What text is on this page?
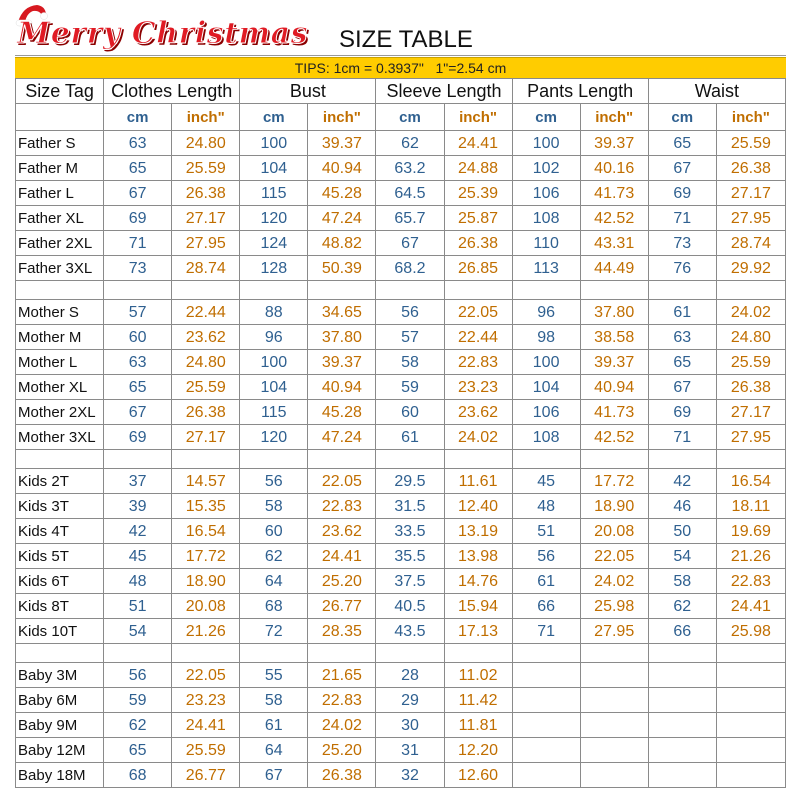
Merry Christmas SIZE TABLE
TIPS: 1cm = 0.3937"   1"=2.54 cm
Size Tag	Clothes Length		Bust		Sleeve Length		Pants Length		Waist	
	cm	inch"	cm	inch"	cm	inch"	cm	inch"	cm	inch"
Father S	63	24.80	100	39.37	62	24.41	100	39.37	65	25.59
Father M	65	25.59	104	40.94	63.2	24.88	102	40.16	67	26.38
Father L	67	26.38	115	45.28	64.5	25.39	106	41.73	69	27.17
Father XL	69	27.17	120	47.24	65.7	25.87	108	42.52	71	27.95
Father 2XL	71	27.95	124	48.82	67	26.38	110	43.31	73	28.74
Father 3XL	73	28.74	128	50.39	68.2	26.85	113	44.49	76	29.92

Mother S	57	22.44	88	34.65	56	22.05	96	37.80	61	24.02
Mother M	60	23.62	96	37.80	57	22.44	98	38.58	63	24.80
Mother L	63	24.80	100	39.37	58	22.83	100	39.37	65	25.59
Mother XL	65	25.59	104	40.94	59	23.23	104	40.94	67	26.38
Mother 2XL	67	26.38	115	45.28	60	23.62	106	41.73	69	27.17
Mother 3XL	69	27.17	120	47.24	61	24.02	108	42.52	71	27.95

Kids 2T	37	14.57	56	22.05	29.5	11.61	45	17.72	42	16.54
Kids 3T	39	15.35	58	22.83	31.5	12.40	48	18.90	46	18.11
Kids 4T	42	16.54	60	23.62	33.5	13.19	51	20.08	50	19.69
Kids 5T	45	17.72	62	24.41	35.5	13.98	56	22.05	54	21.26
Kids 6T	48	18.90	64	25.20	37.5	14.76	61	24.02	58	22.83
Kids 8T	51	20.08	68	26.77	40.5	15.94	66	25.98	62	24.41
Kids 10T	54	21.26	72	28.35	43.5	17.13	71	27.95	66	25.98

Baby 3M	56	22.05	55	21.65	28	11.02				
Baby 6M	59	23.23	58	22.83	29	11.42				
Baby 9M	62	24.41	61	24.02	30	11.81				
Baby 12M	65	25.59	64	25.20	31	12.20				
Baby 18M	68	26.77	67	26.38	32	12.60				
